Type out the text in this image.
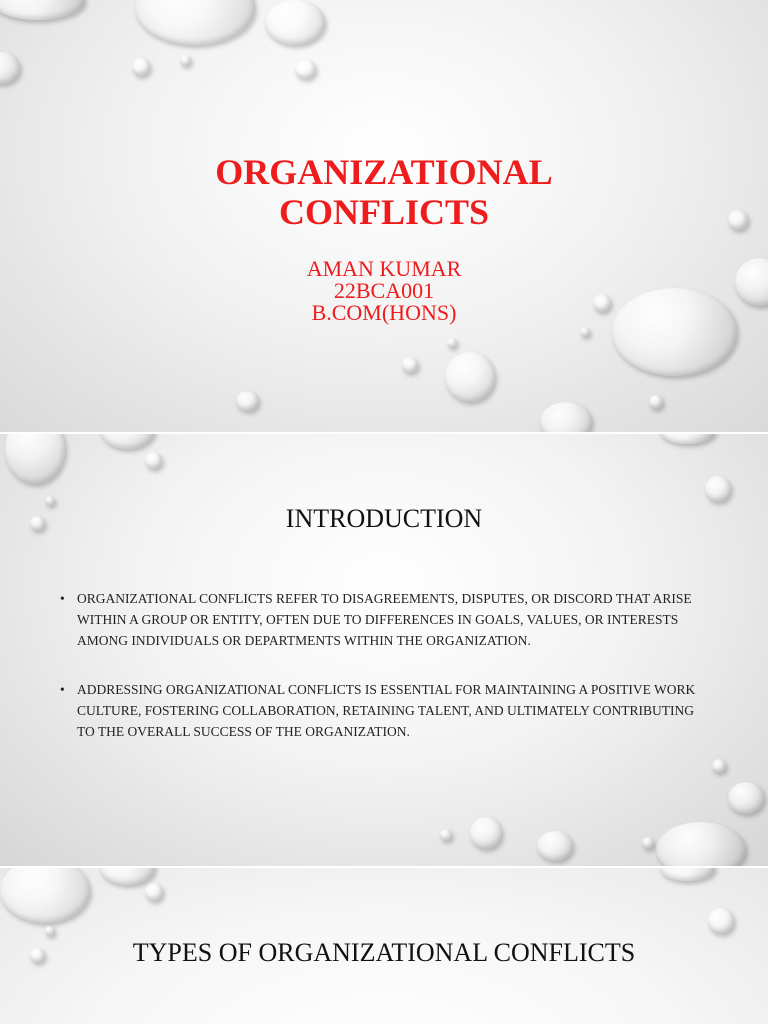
ORGANIZATIONAL
CONFLICTS
AMAN KUMAR
22BCA001
B.COM(HONS)
INTRODUCTION
• ORGANIZATIONAL CONFLICTS REFER TO DISAGREEMENTS, DISPUTES, OR DISCORD THAT ARISE WITHIN A GROUP OR ENTITY, OFTEN DUE TO DIFFERENCES IN GOALS, VALUES, OR INTERESTS AMONG INDIVIDUALS OR DEPARTMENTS WITHIN THE ORGANIZATION.
• ADDRESSING ORGANIZATIONAL CONFLICTS IS ESSENTIAL FOR MAINTAINING A POSITIVE WORK CULTURE, FOSTERING COLLABORATION, RETAINING TALENT, AND ULTIMATELY CONTRIBUTING TO THE OVERALL SUCCESS OF THE ORGANIZATION.
TYPES OF ORGANIZATIONAL CONFLICTS
